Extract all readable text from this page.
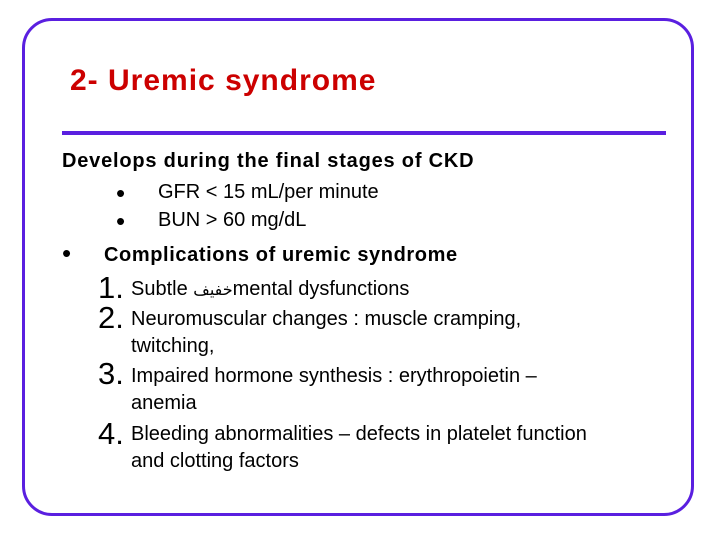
2- Uremic syndrome
Develops during the final stages of CKD
• GFR < 15 mL/per minute
• BUN > 60 mg/dL
• Complications of uremic syndrome
1. Subtle خفيفmental dysfunctions
2. Neuromuscular changes : muscle cramping,
twitching,
3. Impaired hormone synthesis : erythropoietin –
anemia
4. Bleeding abnormalities – defects in platelet function
and clotting factors
